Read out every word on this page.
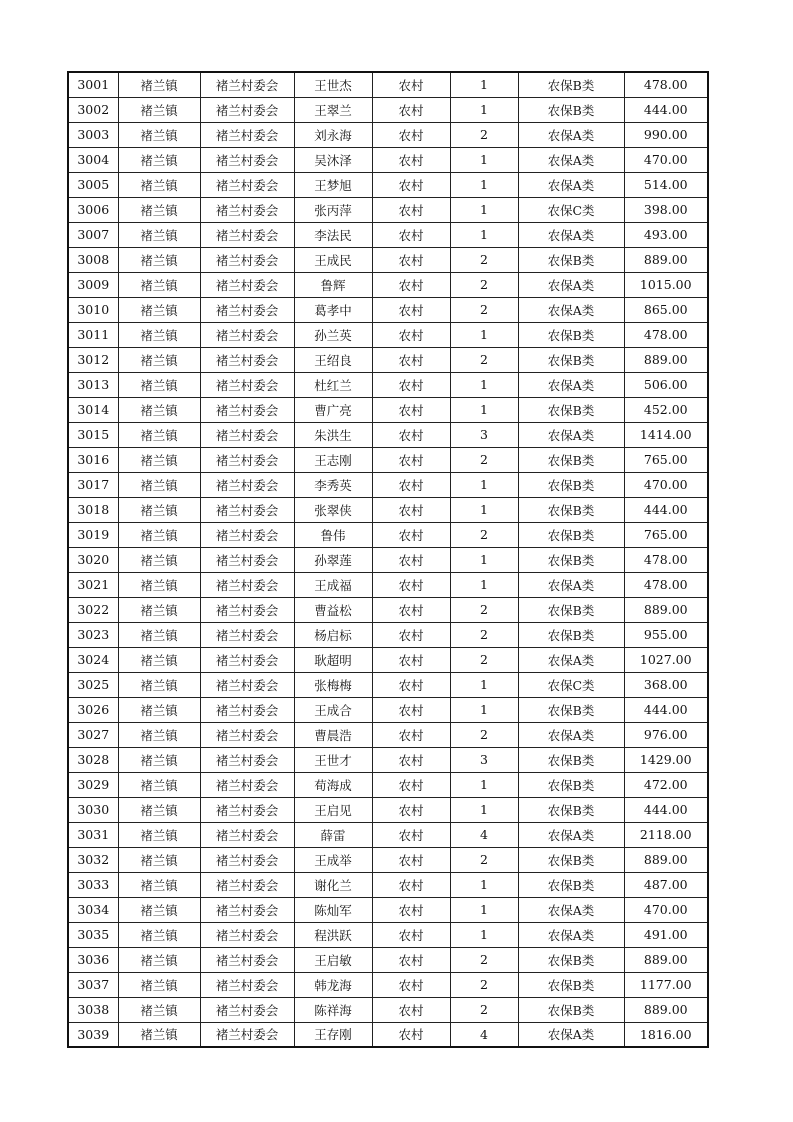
3001	褚兰镇	褚兰村委会	王世杰	农村	1	农保B类	478.00
3002	褚兰镇	褚兰村委会	王翠兰	农村	1	农保B类	444.00
3003	褚兰镇	褚兰村委会	刘永海	农村	2	农保A类	990.00
3004	褚兰镇	褚兰村委会	吴沐泽	农村	1	农保A类	470.00
3005	褚兰镇	褚兰村委会	王梦旭	农村	1	农保A类	514.00
3006	褚兰镇	褚兰村委会	张丙萍	农村	1	农保C类	398.00
3007	褚兰镇	褚兰村委会	李法民	农村	1	农保A类	493.00
3008	褚兰镇	褚兰村委会	王成民	农村	2	农保B类	889.00
3009	褚兰镇	褚兰村委会	鲁辉	农村	2	农保A类	1015.00
3010	褚兰镇	褚兰村委会	葛孝中	农村	2	农保A类	865.00
3011	褚兰镇	褚兰村委会	孙兰英	农村	1	农保B类	478.00
3012	褚兰镇	褚兰村委会	王绍良	农村	2	农保B类	889.00
3013	褚兰镇	褚兰村委会	杜红兰	农村	1	农保A类	506.00
3014	褚兰镇	褚兰村委会	曹广亮	农村	1	农保B类	452.00
3015	褚兰镇	褚兰村委会	朱洪生	农村	3	农保A类	1414.00
3016	褚兰镇	褚兰村委会	王志刚	农村	2	农保B类	765.00
3017	褚兰镇	褚兰村委会	李秀英	农村	1	农保B类	470.00
3018	褚兰镇	褚兰村委会	张翠侠	农村	1	农保B类	444.00
3019	褚兰镇	褚兰村委会	鲁伟	农村	2	农保B类	765.00
3020	褚兰镇	褚兰村委会	孙翠莲	农村	1	农保B类	478.00
3021	褚兰镇	褚兰村委会	王成福	农村	1	农保A类	478.00
3022	褚兰镇	褚兰村委会	曹益松	农村	2	农保B类	889.00
3023	褚兰镇	褚兰村委会	杨启标	农村	2	农保B类	955.00
3024	褚兰镇	褚兰村委会	耿超明	农村	2	农保A类	1027.00
3025	褚兰镇	褚兰村委会	张梅梅	农村	1	农保C类	368.00
3026	褚兰镇	褚兰村委会	王成合	农村	1	农保B类	444.00
3027	褚兰镇	褚兰村委会	曹晨浩	农村	2	农保A类	976.00
3028	褚兰镇	褚兰村委会	王世才	农村	3	农保B类	1429.00
3029	褚兰镇	褚兰村委会	荀海成	农村	1	农保B类	472.00
3030	褚兰镇	褚兰村委会	王启见	农村	1	农保B类	444.00
3031	褚兰镇	褚兰村委会	薛雷	农村	4	农保A类	2118.00
3032	褚兰镇	褚兰村委会	王成举	农村	2	农保B类	889.00
3033	褚兰镇	褚兰村委会	谢化兰	农村	1	农保B类	487.00
3034	褚兰镇	褚兰村委会	陈灿军	农村	1	农保A类	470.00
3035	褚兰镇	褚兰村委会	程洪跃	农村	1	农保A类	491.00
3036	褚兰镇	褚兰村委会	王启敏	农村	2	农保B类	889.00
3037	褚兰镇	褚兰村委会	韩龙海	农村	2	农保B类	1177.00
3038	褚兰镇	褚兰村委会	陈祥海	农村	2	农保B类	889.00
3039	褚兰镇	褚兰村委会	王存刚	农村	4	农保A类	1816.00
